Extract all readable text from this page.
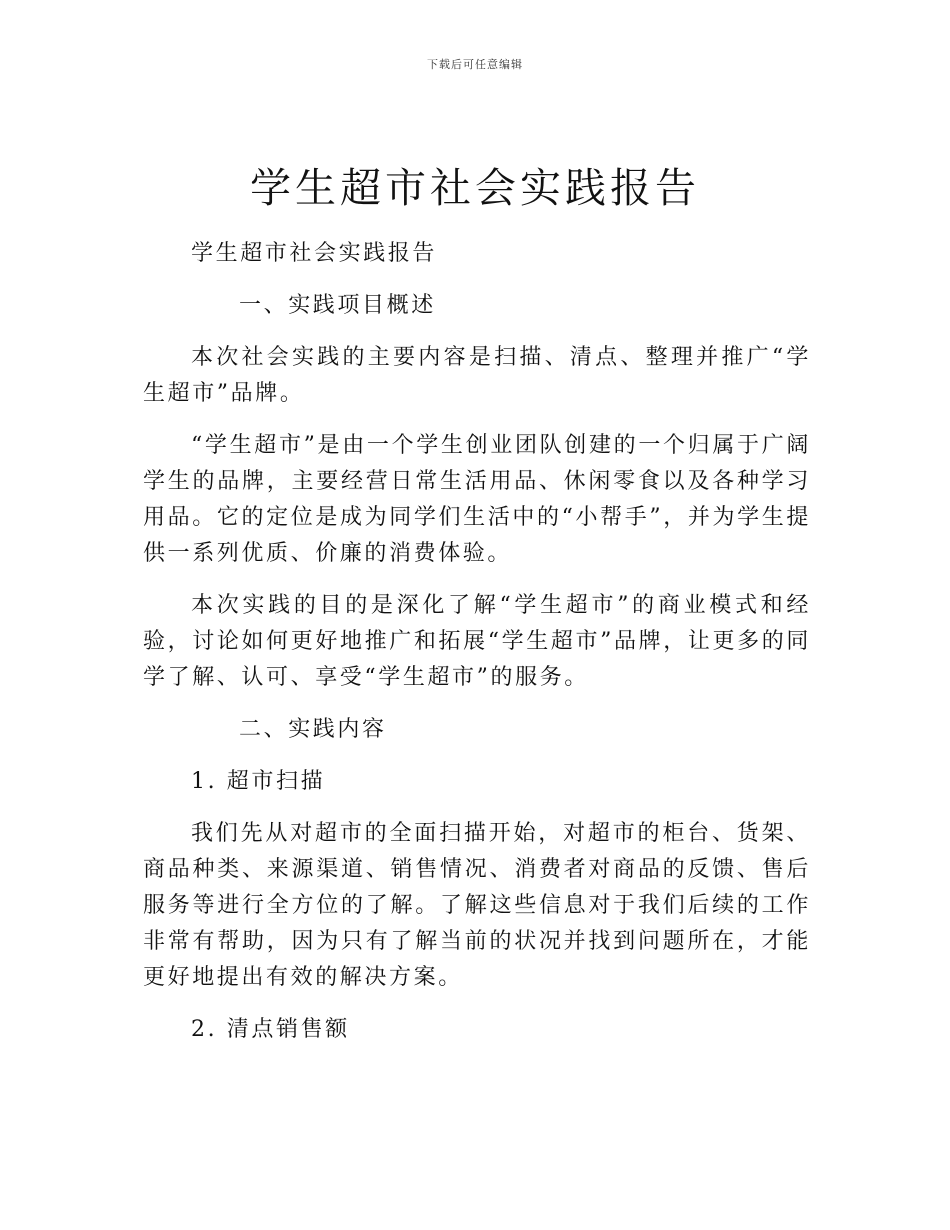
下载后可任意编辑
学生超市社会实践报告

学生超市社会实践报告

一、实践项目概述

本次社会实践的主要内容是扫描、清点、整理并推广“学生超市”品牌。

“学生超市”是由一个学生创业团队创建的一个归属于广阔学生的品牌，主要经营日常生活用品、休闲零食以及各种学习用品。它的定位是成为同学们生活中的“小帮手”，并为学生提供一系列优质、价廉的消费体验。

本次实践的目的是深化了解“学生超市”的商业模式和经验，讨论如何更好地推广和拓展“学生超市”品牌，让更多的同学了解、认可、享受“学生超市”的服务。

二、实践内容

1. 超市扫描

我们先从对超市的全面扫描开始，对超市的柜台、货架、商品种类、来源渠道、销售情况、消费者对商品的反馈、售后服务等进行全方位的了解。了解这些信息对于我们后续的工作非常有帮助，因为只有了解当前的状况并找到问题所在，才能更好地提出有效的解决方案。

2. 清点销售额
